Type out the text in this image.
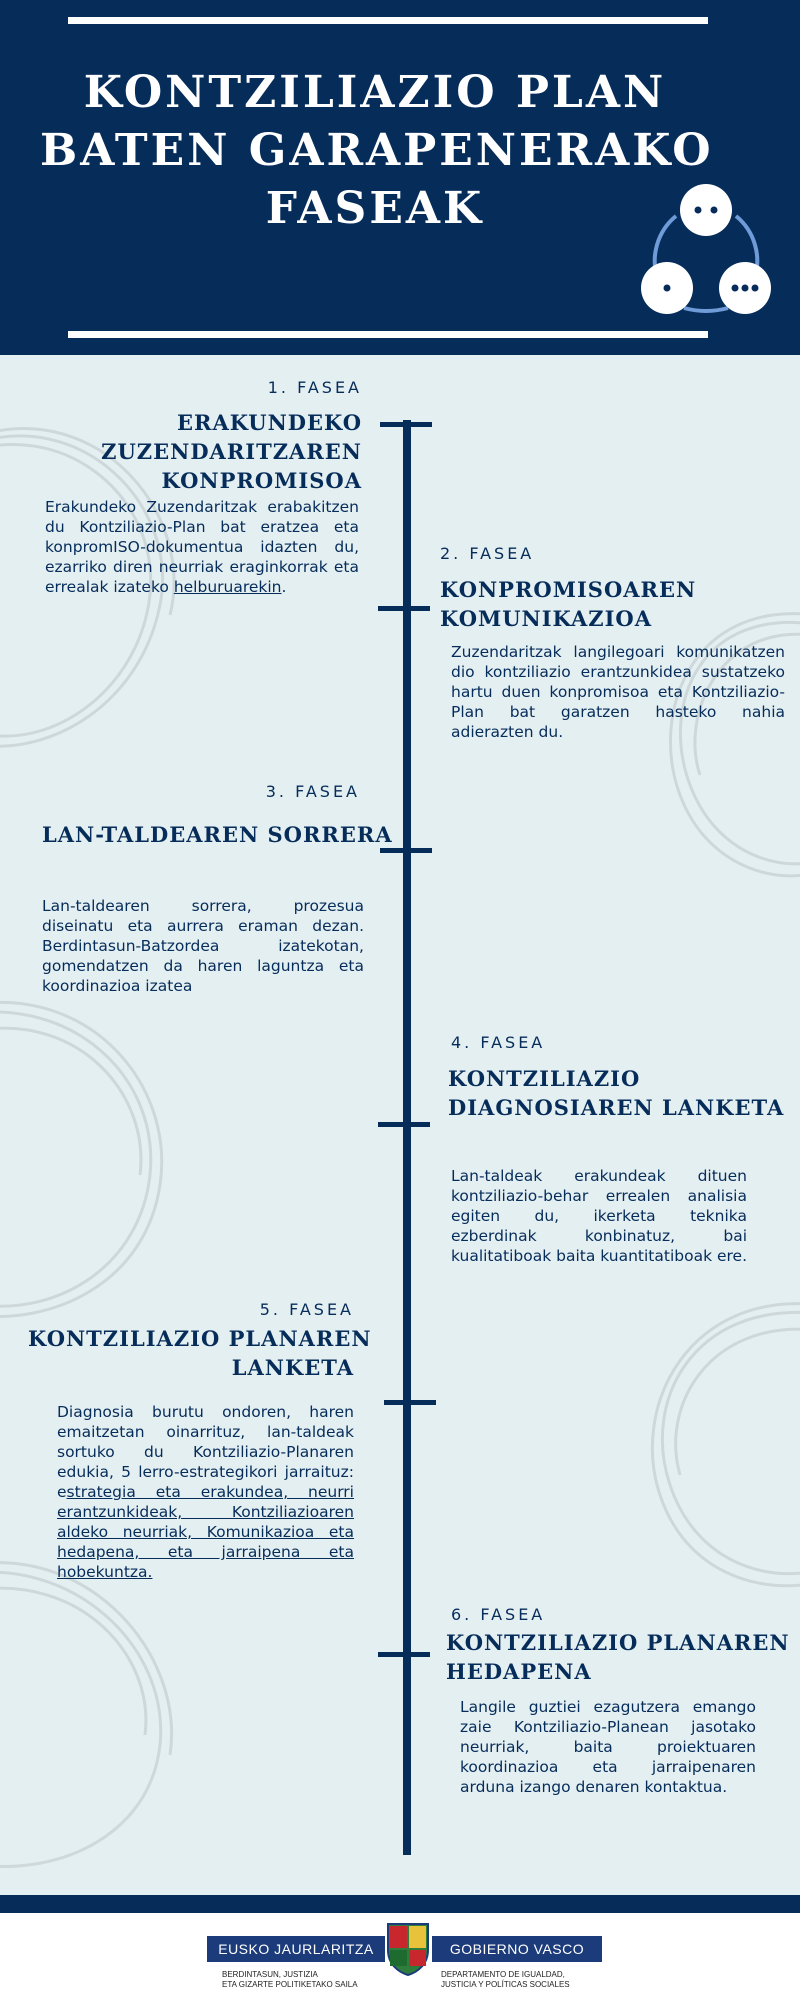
KONTZILIAZIO PLAN
BATEN GARAPENERAKO
FASEAK
1. FASEA
ERAKUNDEKO
ZUZENDARITZAREN
KONPROMISOA
Erakundeko Zuzendaritzak erabakitzen du Kontziliazio-Plan bat eratzea eta konpromISO-dokumentua idazten du, ezarriko diren neurriak eraginkorrak eta errealak izateko helburuarekin.
2. FASEA
KONPROMISOAREN
KOMUNIKAZIOA
Zuzendaritzak langilegoari komunikatzen dio kontziliazio erantzunkidea sustatzeko hartu duen konpromisoa eta Kontziliazio-Plan bat garatzen hasteko nahia adierazten du.
3. FASEA
LAN-TALDEAREN SORRERA
Lan-taldearen sorrera, prozesua diseinatu eta aurrera eraman dezan. Berdintasun-Batzordea izatekotan, gomendatzen da haren laguntza eta koordinazioa izatea
4. FASEA
KONTZILIAZIO
DIAGNOSIAREN LANKETA
Lan-taldeak erakundeak dituen kontziliazio-behar errealen analisia egiten du, ikerketa teknika ezberdinak konbinatuz, bai kualitatiboak baita kuantitatiboak ere.
5. FASEA
KONTZILIAZIO PLANAREN
LANKETA
Diagnosia burutu ondoren, haren emaitzetan oinarrituz, lan-taldeak sortuko du Kontziliazio-Planaren edukia, 5 lerro-estrategikori jarraituz: estrategia eta erakundea, neurri erantzunkideak, Kontziliazioaren aldeko neurriak, Komunikazioa eta hedapena, eta jarraipena eta hobekuntza.
6. FASEA
KONTZILIAZIO PLANAREN
HEDAPENA
Langile guztiei ezagutzera emango zaie Kontziliazio-Planean jasotako neurriak, baita proiektuaren koordinazioa eta jarraipenaren arduna izango denaren kontaktua.
EUSKO JAURLARITZA	GOBIERNO VASCO
BERDINTASUN, JUSTIZIA
ETA GIZARTE POLITIKETAKO SAILA
DEPARTAMENTO DE IGUALDAD,
JUSTICIA Y POLÍTICAS SOCIALES
